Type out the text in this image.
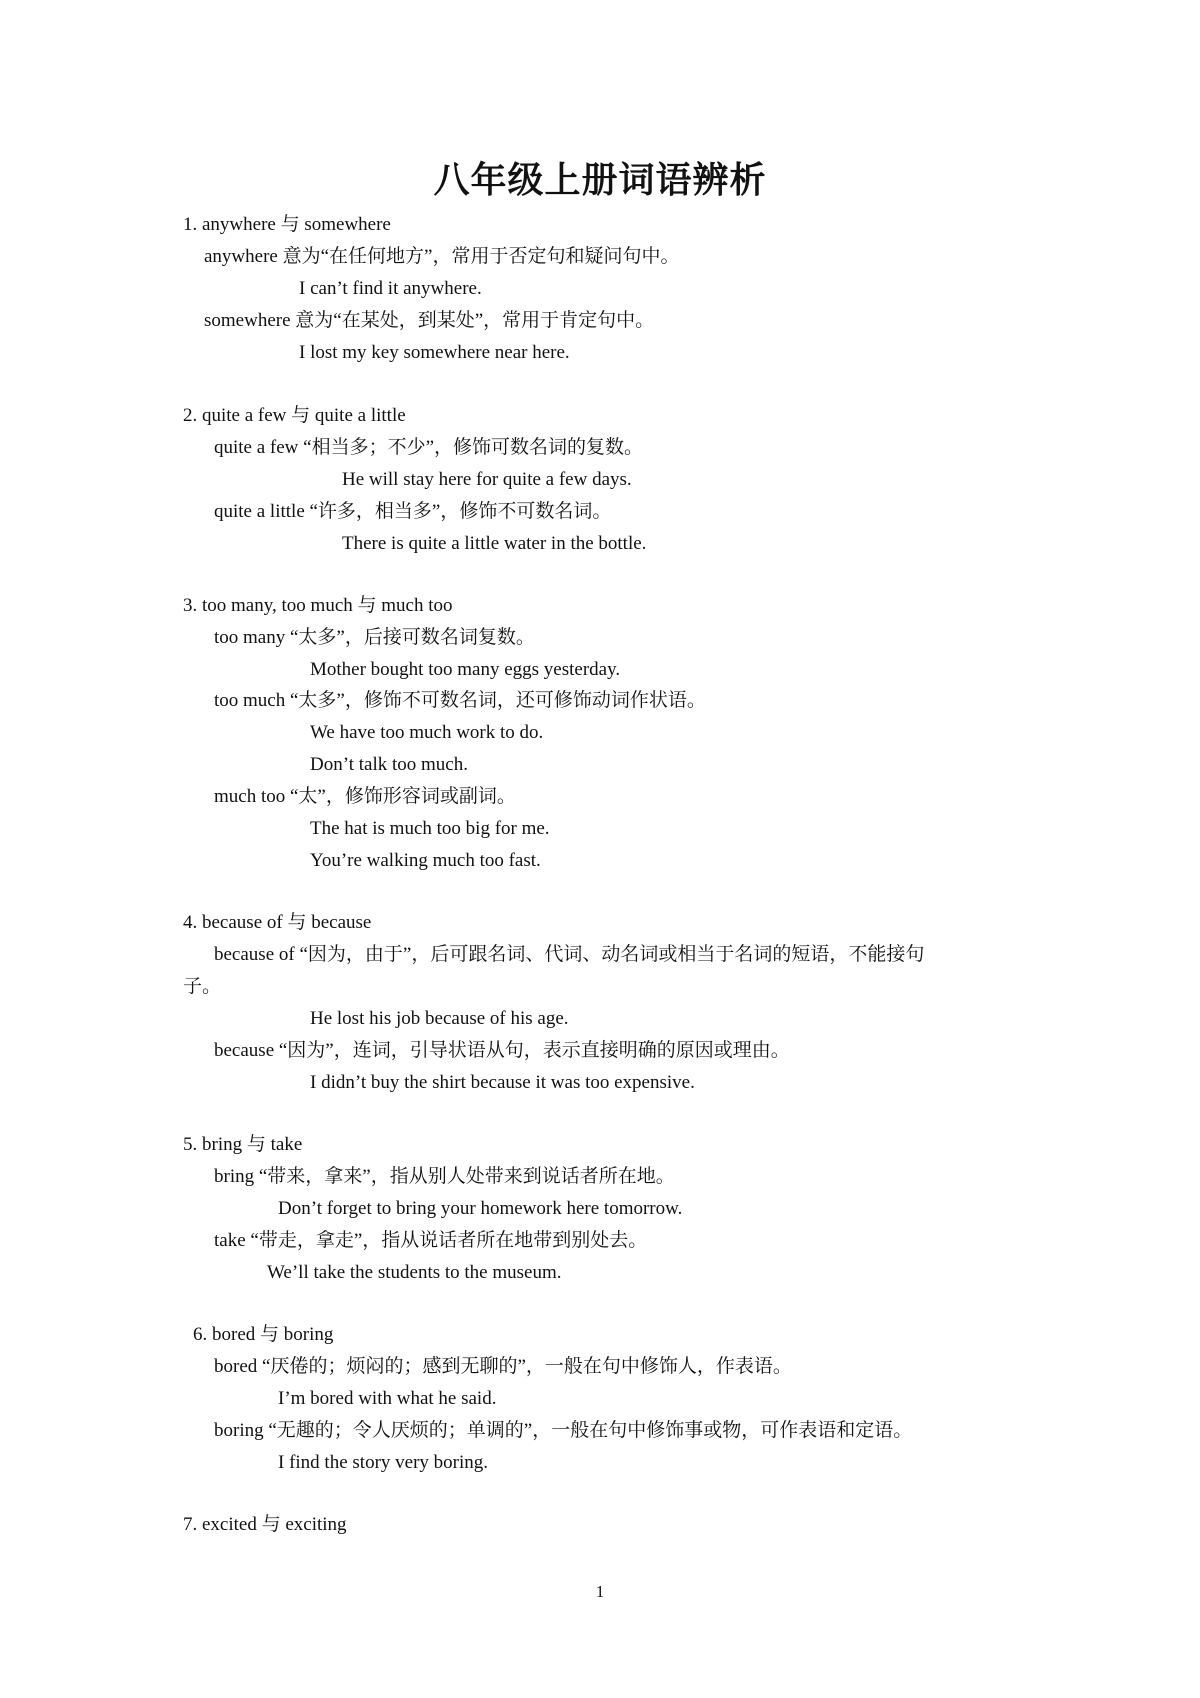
八年级上册词语辨析
1. anywhere 与 somewhere
anywhere 意为“在任何地方”，常用于否定句和疑问句中。
I can’t find it anywhere.
somewhere 意为“在某处，到某处”，常用于肯定句中。
I lost my key somewhere near here.
2. quite a few 与 quite a little
quite a few “相当多；不少”，修饰可数名词的复数。
He will stay here for quite a few days.
quite a little “许多，相当多”，修饰不可数名词。
There is quite a little water in the bottle.
3. too many, too much 与 much too
too many “太多”，后接可数名词复数。
Mother bought too many eggs yesterday.
too much “太多”，修饰不可数名词，还可修饰动词作状语。
We have too much work to do.
Don’t talk too much.
much too “太”，修饰形容词或副词。
The hat is much too big for me.
You’re walking much too fast.
4. because of 与 because
because of “因为，由于”，后可跟名词、代词、动名词或相当于名词的短语，不能接句
子。
He lost his job because of his age.
because “因为”，连词，引导状语从句，表示直接明确的原因或理由。
I didn’t buy the shirt because it was too expensive.
5. bring 与 take
bring “带来，拿来”，指从别人处带来到说话者所在地。
Don’t forget to bring your homework here tomorrow.
take “带走，拿走”，指从说话者所在地带到别处去。
We’ll take the students to the museum.
6. bored 与 boring
bored “厌倦的；烦闷的；感到无聊的”，一般在句中修饰人，作表语。
I’m bored with what he said.
boring “无趣的；令人厌烦的；单调的”，一般在句中修饰事或物，可作表语和定语。
I find the story very boring.
7. excited 与 exciting
1
